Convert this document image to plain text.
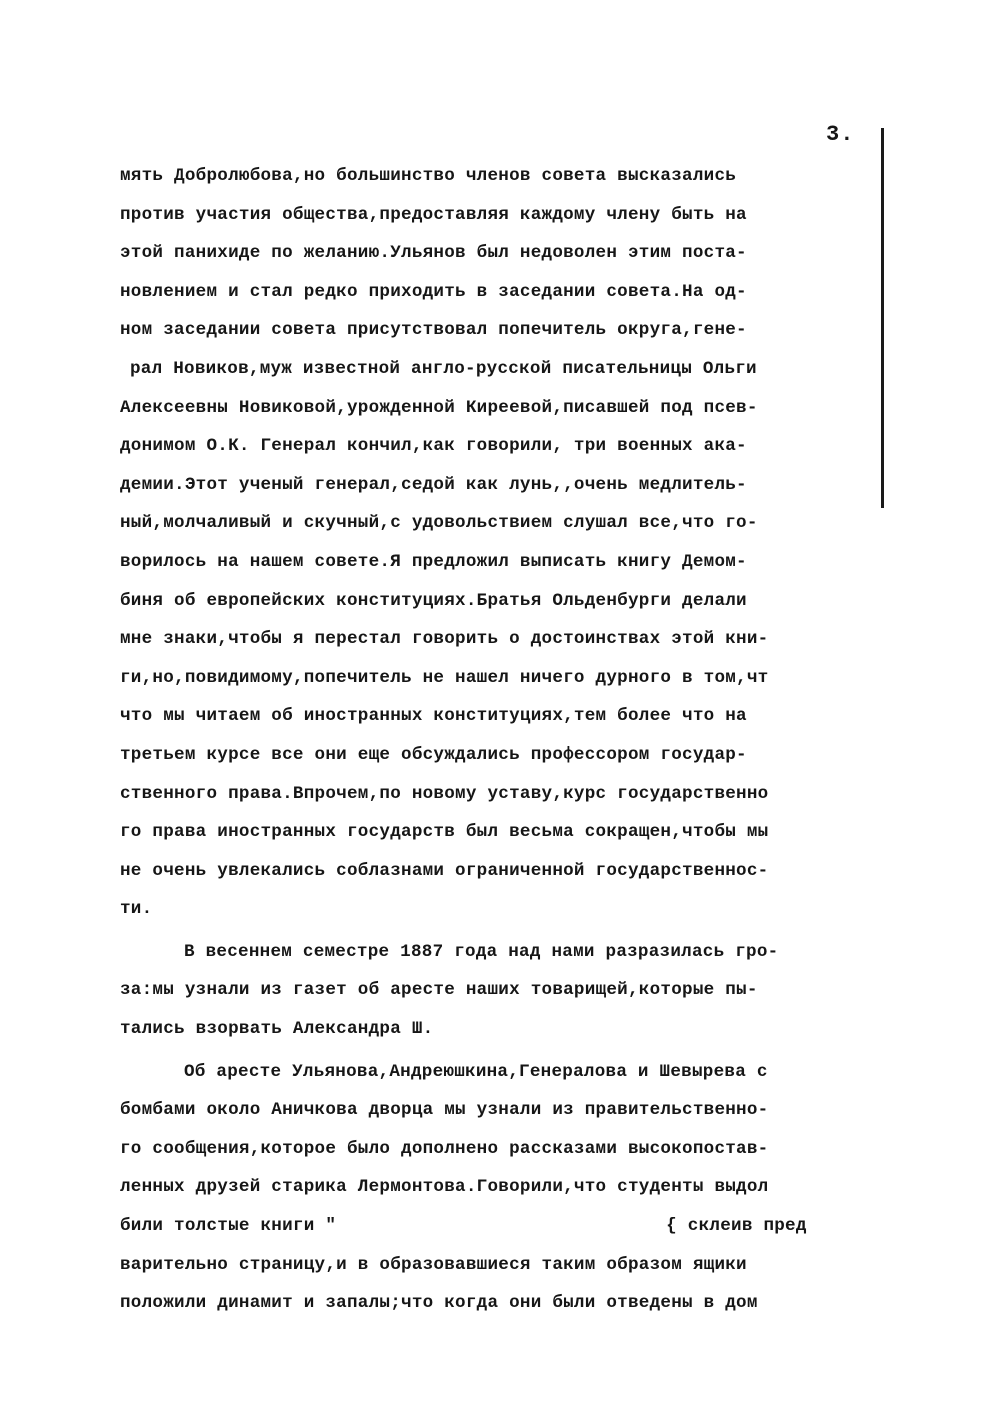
3.
мять Добролюбова,но большинство членов совета высказались
против участия общества,предоставляя каждому члену быть на
этой панихиде по желанию.Ульянов был недоволен этим поста-
новлением и стал редко приходить в заседании совета.На од-
ном заседании совета присутствовал попечитель округа,гене-
рал Новиков,муж известной англо-русской писательницы Ольги
Алексеевны Новиковой,урожденной Киреевой,писавшей под псев-
донимом О.К. Генерал кончил,как говорили, три военных ака-
демии.Этот ученый генерал,седой как лунь,,очень медлитель-
ный,молчаливый и скучный,с удовольствием слушал все,что го-
ворилось на нашем совете.Я предложил выписать книгу Демом-
биня об европейских конституциях.Братья Ольденбурги делали
мне знаки,чтобы я перестал говорить о достоинствах этой кни-
ги,но,повидимому,попечитель не нашел ничего дурного в том,чт
что мы читаем об иностранных конституциях,тем более что на
третьем курсе все они еще обсуждались профессором государ-
ственного права.Впрочем,по новому уставу,курс государственно
го права иностранных государств был весьма сокращен,чтобы мы
не очень увлекались соблазнами ограниченной государственнос-
ти.
В весеннем семестре 1887 года над нами разразилась гро-
за:мы узнали из газет об аресте наших товарищей,которые пы-
тались взорвать Александра Ш.
Об аресте Ульянова,Андреюшкина,Генералова и Шевырева с
бомбами около Аничкова дворца мы узнали из правительственно-
го сообщения,которое было дополнено рассказами высокопостав-
ленных друзей старика Лермонтова.Говорили,что студенты выдол
били толстые книги "	{ склеив пред
варительно страницу,и в образовавшиеся таким образом ящики
положили динамит и запалы;что когда они были отведены в дом
